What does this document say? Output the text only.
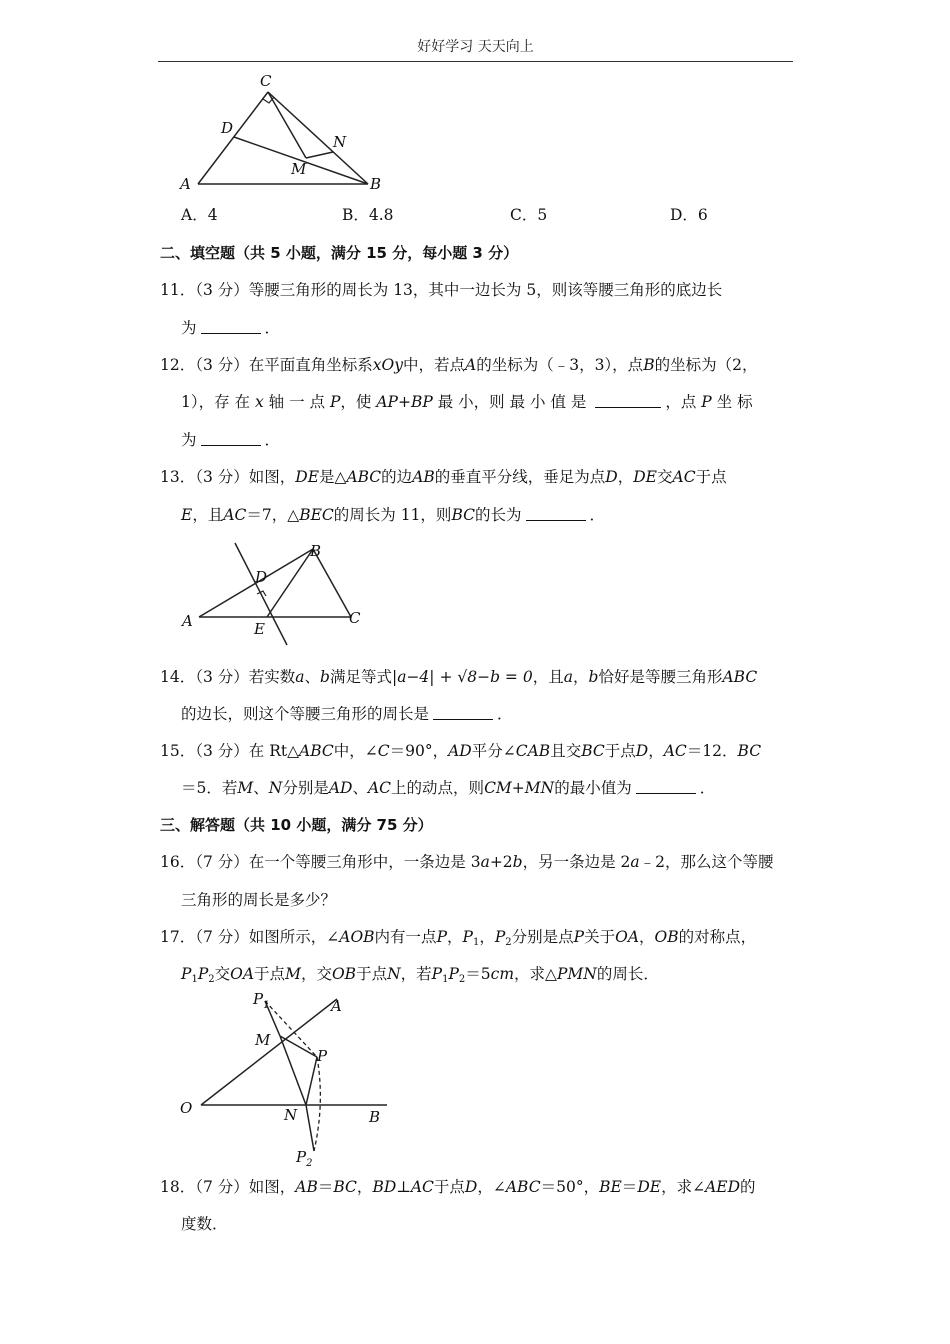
好好学习 天天向上
C
D
N
M
A	B
A．4	B．4.8	C．5	D．6
二、填空题（共 5 小题，满分 15 分，每小题 3 分）
11．（3 分）等腰三角形的周长为 13，其中一边长为 5，则该等腰三角形的底边长
为	．
12．（3 分）在平面直角坐标系xOy中，若点A的坐标为（﹣3，3），点B的坐标为（2，
1），存 在 x 轴 一 点 P，使 AP+BP 最 小，则 最 小 值 是	，点 P 坐 标
为	．
13．（3 分）如图，DE是△ABC的边AB的垂直平分线，垂足为点D，DE交AC于点
E，且AC＝7，△BEC的周长为 11，则BC的长为	．
B
D
A	E
C
14．（3 分）若实数a、b满足等式|a−4| + √8−b = 0，且a，b恰好是等腰三角形ABC
的边长，则这个等腰三角形的周长是	．
15．（3 分）在 Rt△ABC中，∠C＝90°，AD平分∠CAB且交BC于点D，AC＝12．BC
＝5．若M、N分别是AD、AC上的动点，则CM+MN的最小值为	．
三、解答题（共 10 小题，满分 75 分）
16．（7 分）在一个等腰三角形中，一条边是 3a+2b，另一条边是 2a﹣2，那么这个等腰
三角形的周长是多少？
17．（7 分）如图所示，∠AOB内有一点P，$P_1$，$P_2$分别是点P关于OA，OB的对称点，
$P_1P_2$交OA于点M，交OB于点N，若$P_1P_2=5cm$，求△PMN的周长．
$P_1$	A
M
P
O	N	B
$P_2$
18．（7 分）如图，AB＝BC，BD⊥AC于点D，∠ABC＝50°，BE＝DE，求∠AED的
度数．
